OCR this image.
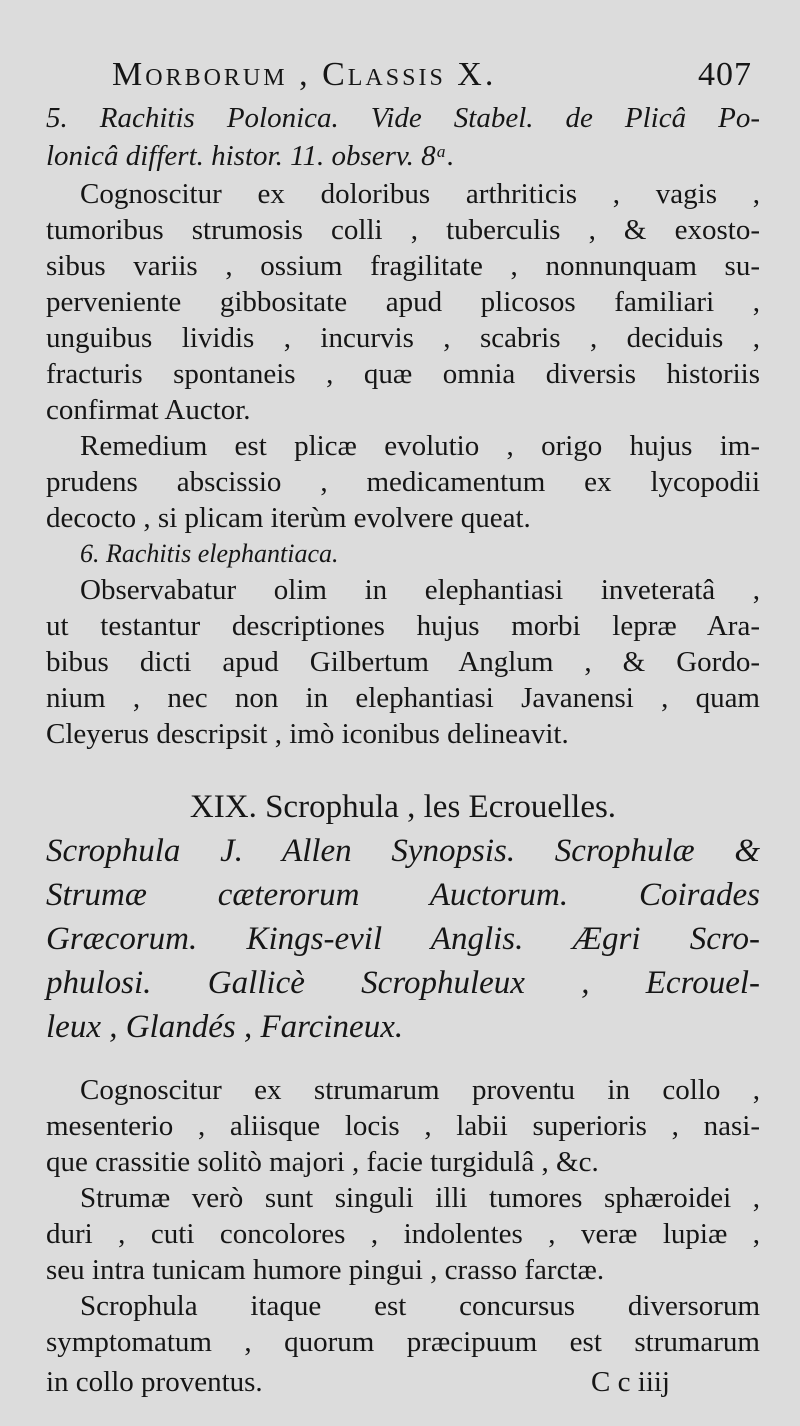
Morborum , Classis X.	407
5. Rachitis Polonica. Vide Stabel. de Plicâ Po-
lonicâ differt. histor. 11. observ. 8ᵃ.
Cognoscitur ex doloribus arthriticis , vagis ,
tumoribus strumosis colli , tuberculis , & exosto-
sibus variis , ossium fragilitate , nonnunquam su-
perveniente gibbositate apud plicosos familiari ,
unguibus lividis , incurvis , scabris , deciduis ,
fracturis spontaneis , quæ omnia diversis historiis
confirmat Auctor.
Remedium est plicæ evolutio , origo hujus im-
prudens abscissio , medicamentum ex lycopodii
decocto , si plicam iterùm evolvere queat.
6. Rachitis elephantiaca.
Observabatur olim in elephantiasi inveteratâ ,
ut testantur descriptiones hujus morbi lepræ Ara-
bibus dicti apud Gilbertum Anglum , & Gordo-
nium , nec non in elephantiasi Javanensi , quam
Cleyerus descripsit , imò iconibus delineavit.
XIX. Scrophula , les Ecrouelles.
Scrophula J. Allen Synopsis. Scrophulæ &
Strumæ cæterorum Auctorum. Coirades
Græcorum. Kings-evil Anglis. Ægri Scro-
phulosi. Gallicè Scrophuleux , Ecrouel-
leux , Glandés , Farcineux.
Cognoscitur ex strumarum proventu in collo ,
mesenterio , aliisque locis , labii superioris , nasi-
que crassitie solitò majori , facie turgidulâ , &c.
Strumæ verò sunt singuli illi tumores sphæroidei ,
duri , cuti concolores , indolentes , veræ lupiæ ,
seu intra tunicam humore pingui , crasso farctæ.
Scrophula itaque est concursus diversorum
symptomatum , quorum præcipuum est strumarum
in collo proventus.	C c iiij
